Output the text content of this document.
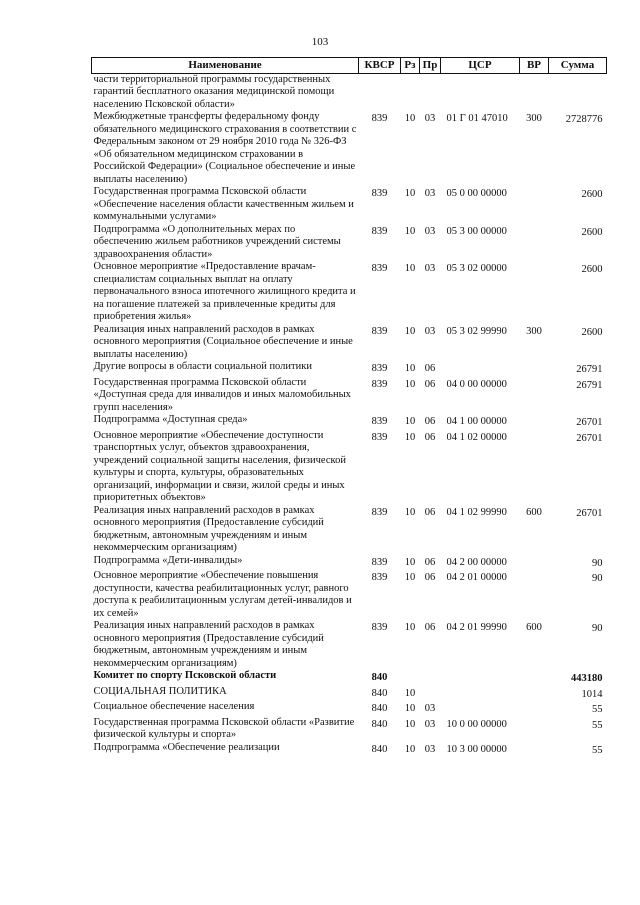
103
Наименование	КВСР	Рз	Пр	ЦСР	ВР	Сумма
части территориальной программы государственных гарантий бесплатного оказания медицинской помощи населению Псковской области»						
Межбюджетные трансферты федеральному фонду обязательного медицинского страхования в соответствии с Федеральным законом от 29 ноября 2010 года № 326-ФЗ «Об обязательном медицинском страховании в Российской Федерации» (Социальное обеспечение и иные выплаты населению)	839	10	03	01 Г 01 47010	300	2728776
Государственная программа Псковской области «Обеспечение населения области качественным жильем и коммунальными услугами»	839	10	03	05 0 00 00000		2600
Подпрограмма «О дополнительных мерах по обеспечению жильем работников учреждений системы здравоохранения области»	839	10	03	05 3 00 00000		2600
Основное мероприятие «Предоставление врачам-специалистам социальных выплат на оплату первоначального взноса ипотечного жилищного кредита и на погашение платежей за привлеченные кредиты для приобретения жилья»	839	10	03	05 3 02 00000		2600
Реализация иных направлений расходов в рамках основного мероприятия (Социальное обеспечение и иные выплаты населению)	839	10	03	05 3 02 99990	300	2600
Другие вопросы в области социальной политики	839	10	06			26791
Государственная программа Псковской области «Доступная среда для инвалидов и иных маломобильных групп населения»	839	10	06	04 0 00 00000		26791
Подпрограмма «Доступная среда»	839	10	06	04 1 00 00000		26701
Основное мероприятие «Обеспечение доступности транспортных услуг, объектов здравоохранения, учреждений социальной защиты населения, физической культуры и спорта, культуры, образовательных организаций, информации и связи, жилой среды и иных приоритетных объектов»	839	10	06	04 1 02 00000		26701
Реализация иных направлений расходов в рамках основного мероприятия (Предоставление субсидий бюджетным, автономным учреждениям и иным некоммерческим организациям)	839	10	06	04 1 02 99990	600	26701
Подпрограмма «Дети-инвалиды»	839	10	06	04 2 00 00000		90
Основное мероприятие «Обеспечение повышения доступности, качества реабилитационных услуг, равного доступа к реабилитационным услугам детей-инвалидов и их семей»	839	10	06	04 2 01 00000		90
Реализация иных направлений расходов в рамках основного мероприятия (Предоставление субсидий бюджетным, автономным учреждениям и иным некоммерческим организациям)	839	10	06	04 2 01 99990	600	90
Комитет по спорту Псковской области	840					443180
СОЦИАЛЬНАЯ ПОЛИТИКА	840	10				1014
Социальное обеспечение населения	840	10	03			55
Государственная программа Псковской области «Развитие физической культуры и спорта»	840	10	03	10 0 00 00000		55
Подпрограмма «Обеспечение реализации	840	10	03	10 3 00 00000		55
